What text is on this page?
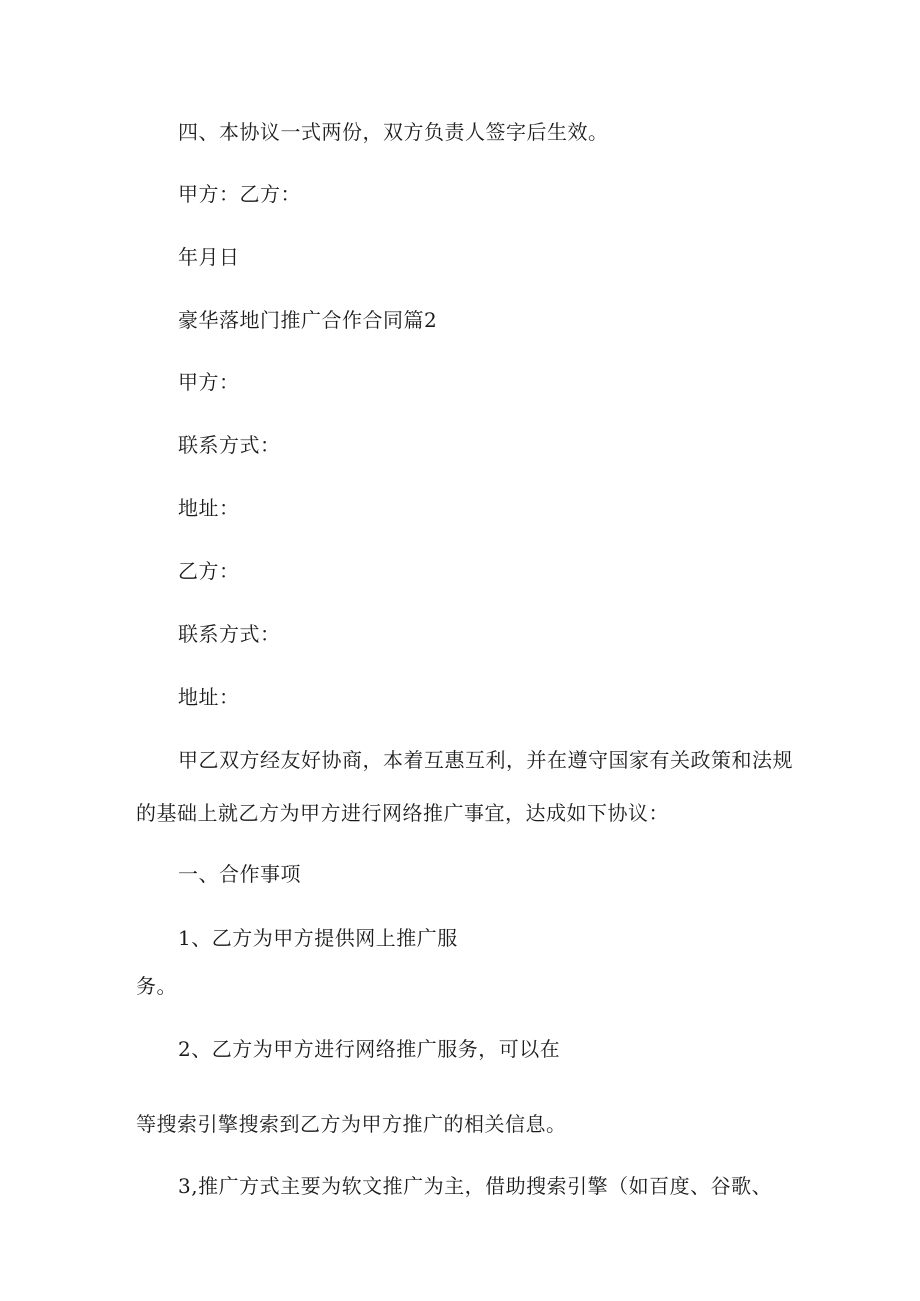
四、本协议一式两份，双方负责人签字后生效。
甲方：乙方：
年月日
豪华落地门推广合作合同篇2
甲方：
联系方式：
地址：
乙方：
联系方式：
地址：
甲乙双方经友好协商，本着互惠互利，并在遵守国家有关政策和法规
的基础上就乙方为甲方进行网络推广事宜，达成如下协议：
一、合作事项
1、乙方为甲方提供网上推广服
务。
2、乙方为甲方进行网络推广服务，可以在
等搜索引擎搜索到乙方为甲方推广的相关信息。
3,推广方式主要为软文推广为主，借助搜索引擎（如百度、谷歌、
